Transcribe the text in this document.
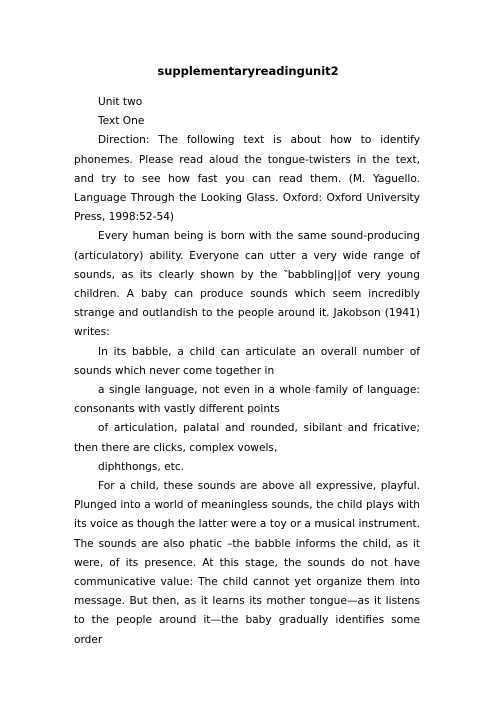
supplementaryreadingunit2

Unit two

Text One

Direction: The following text is about how to identify phonemes. Please read aloud the tongue-twisters in the text, and try to see how fast you can read them. (M. Yaguello. Language Through the Looking Glass. Oxford: Oxford University Press, 1998:52-54)

Every human being is born with the same sound-producing (articulatory) ability. Everyone can utter a very wide range of sounds, as its clearly shown by the ‶babbling||of very young children. A baby can produce sounds which seem incredibly strange and outlandish to the people around it. Jakobson (1941) writes:

In its babble, a child can articulate an overall number of sounds which never come together in

a single language, not even in a whole family of language: consonants with vastly different points

of articulation, palatal and rounded, sibilant and fricative; then there are clicks, complex vowels,

diphthongs, etc.

For a child, these sounds are above all expressive, playful. Plunged into a world of meaningless sounds, the child plays with its voice as though the latter were a toy or a musical instrument. The sounds are also phatic –the babble informs the child, as it were, of its presence. At this stage, the sounds do not have communicative value: The child cannot yet organize them into message. But then, as it learns its mother tongue—as it listens to the people around it—the baby gradually identifies some order
